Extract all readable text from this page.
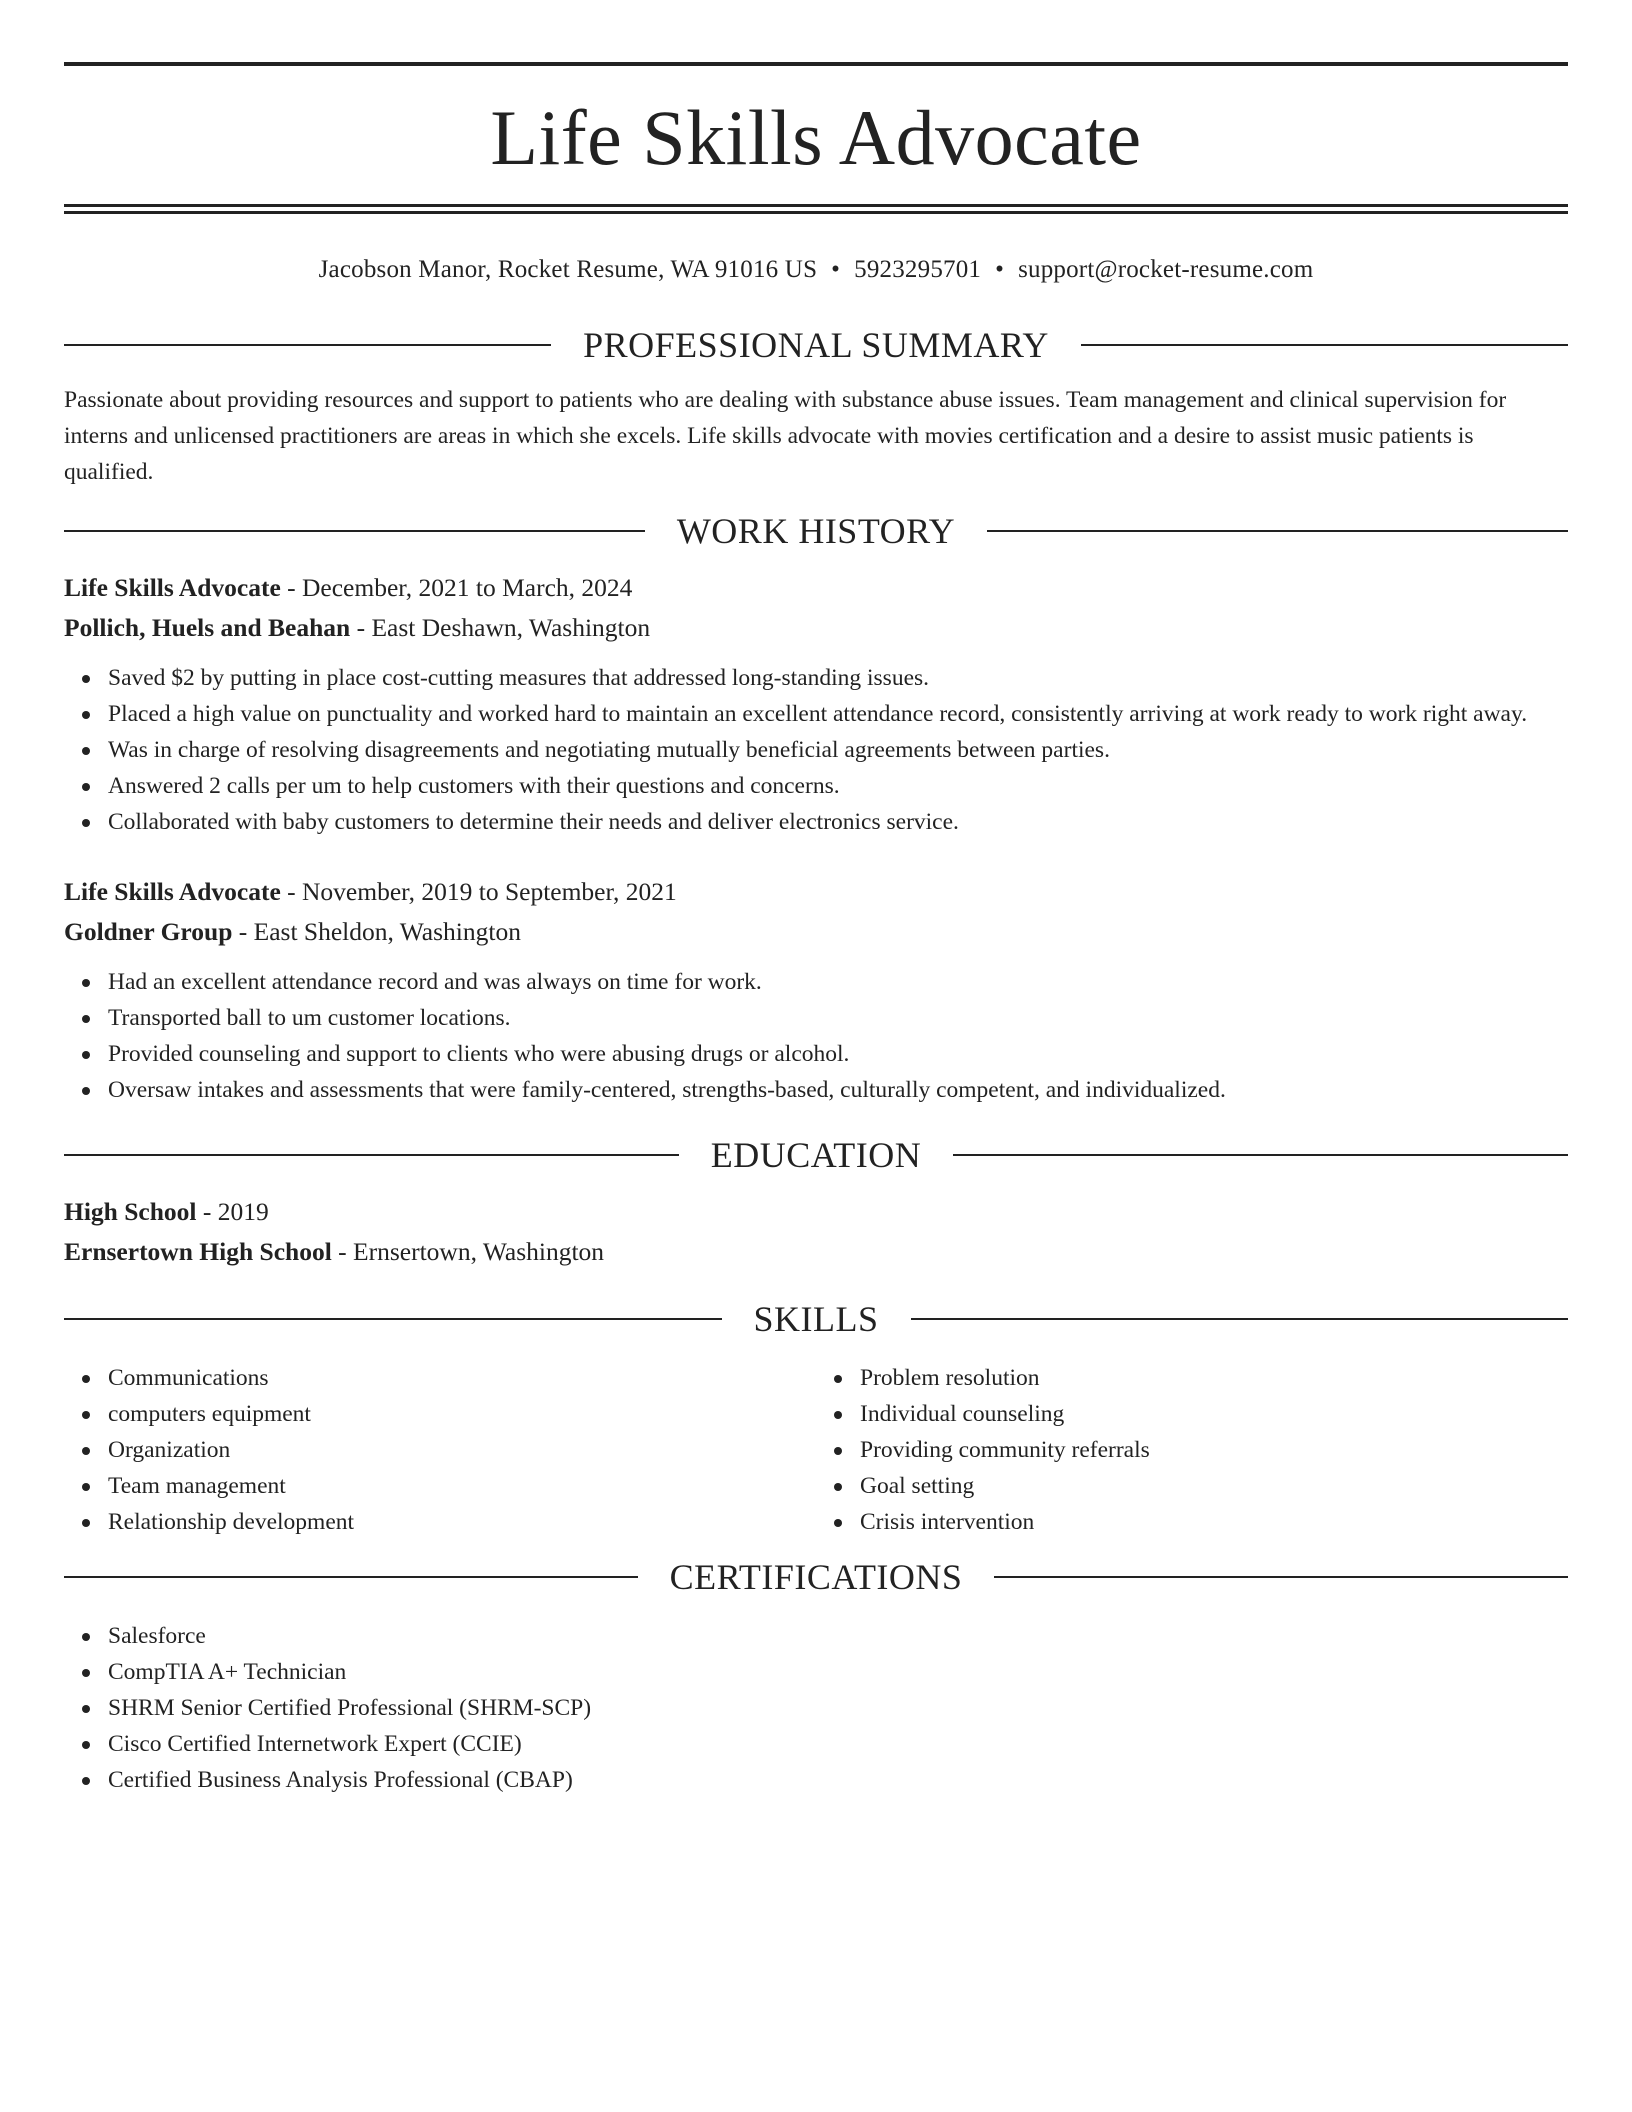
Life Skills Advocate
Jacobson Manor, Rocket Resume, WA 91016 US • 5923295701 • support@rocket-resume.com
PROFESSIONAL SUMMARY

Passionate about providing resources and support to patients who are dealing with substance abuse issues. Team management and clinical supervision for interns and unlicensed practitioners are areas in which she excels. Life skills advocate with movies certification and a desire to assist music patients is qualified.

WORK HISTORY
Life Skills Advocate - December, 2021 to March, 2024
Pollich, Huels and Beahan - East Deshawn, Washington
Saved $2 by putting in place cost-cutting measures that addressed long-standing issues.
Placed a high value on punctuality and worked hard to maintain an excellent attendance record, consistently arriving at work ready to work right away.
Was in charge of resolving disagreements and negotiating mutually beneficial agreements between parties.
Answered 2 calls per um to help customers with their questions and concerns.
Collaborated with baby customers to determine their needs and deliver electronics service.
Life Skills Advocate - November, 2019 to September, 2021
Goldner Group - East Sheldon, Washington
Had an excellent attendance record and was always on time for work.
Transported ball to um customer locations.
Provided counseling and support to clients who were abusing drugs or alcohol.
Oversaw intakes and assessments that were family-centered, strengths-based, culturally competent, and individualized.
EDUCATION
High School - 2019
Ernsertown High School - Ernsertown, Washington
SKILLS
Communications
computers equipment
Organization
Team management
Relationship development
Problem resolution
Individual counseling
Providing community referrals
Goal setting
Crisis intervention
CERTIFICATIONS
Salesforce
CompTIA A+ Technician
SHRM Senior Certified Professional (SHRM-SCP)
Cisco Certified Internetwork Expert (CCIE)
Certified Business Analysis Professional (CBAP)
